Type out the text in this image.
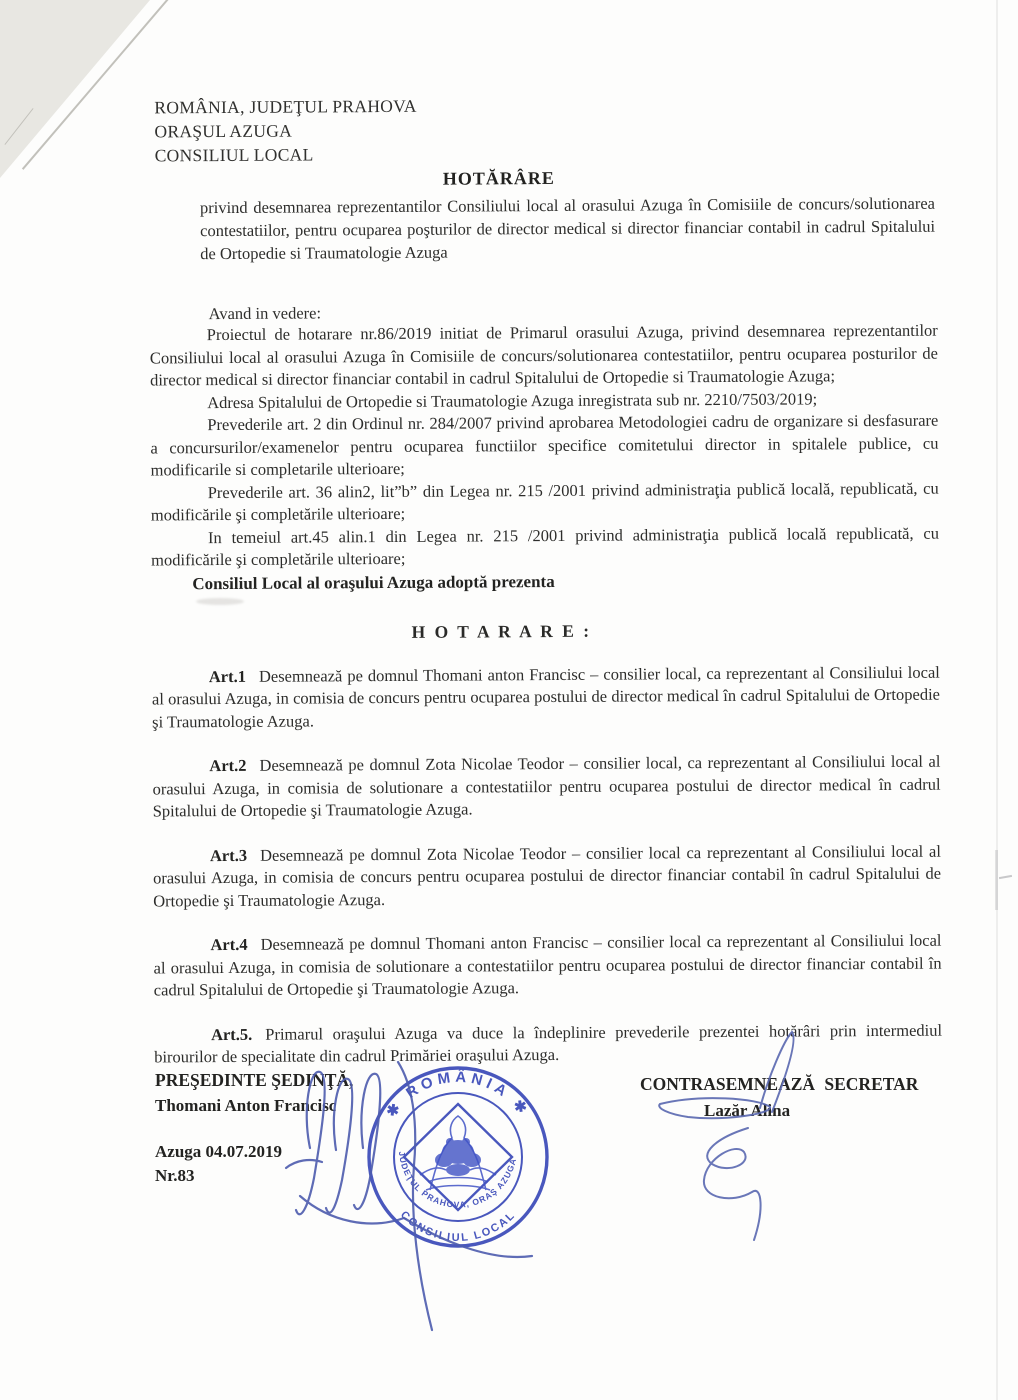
ROMÂNIA, JUDEŢUL PRAHOVA
ORAŞUL AZUGA
CONSILIUL LOCAL
HOTĂRÂRE

privind desemnarea reprezentantilor Consiliului local al orasului Azuga în Comisiile de concurs/solutionarea contestatiilor, pentru ocuparea poşturilor de director medical si director financiar contabil in cadrul Spitalului de Ortopedie si Traumatologie Azuga

Avand in vedere:

Proiectul de hotarare nr.86/2019 initiat de Primarul orasului Azuga, privind desemnarea reprezentantilor Consiliului local al orasului Azuga în Comisiile de concurs/solutionarea contestatiilor, pentru ocuparea posturilor de director medical si director financiar contabil in cadrul Spitalului de Ortopedie si Traumatologie Azuga;

Adresa Spitalului de Ortopedie si Traumatologie Azuga inregistrata sub nr. 2210/7503/2019;

Prevederile art. 2 din Ordinul nr. 284/2007 privind aprobarea Metodologiei cadru de organizare si desfasurare a concursurilor/examenelor pentru ocuparea functiilor specifice comitetului director in spitalele publice, cu modificarile si completarile ulterioare;

Prevederile art. 36 alin2, lit”b” din Legea nr. 215 /2001 privind administraţia publică locală, republicată, cu modificările şi completările ulterioare;

In temeiul art.45 alin.1 din Legea nr. 215 /2001 privind administraţia publică locală republicată, cu modificările şi completările ulterioare;

Consiliul Local al oraşului Azuga adoptă prezenta

H O T A R A R E :

Art.1 Desemnează pe domnul Thomani anton Francisc – consilier local, ca reprezentant al Consiliului local al orasului Azuga, in comisia de concurs pentru ocuparea postului de director medical în cadrul Spitalului de Ortopedie şi Traumatologie Azuga.

Art.2 Desemnează pe domnul Zota Nicolae Teodor – consilier local, ca reprezentant al Consiliului local al orasului Azuga, in comisia de solutionare a contestatiilor pentru ocuparea postului de director medical în cadrul Spitalului de Ortopedie şi Traumatologie Azuga.

Art.3 Desemnează pe domnul Zota Nicolae Teodor – consilier local ca reprezentant al Consiliului local al orasului Azuga, in comisia de concurs pentru ocuparea postului de director financiar contabil în cadrul Spitalului de Ortopedie şi Traumatologie Azuga.

Art.4 Desemnează pe domnul Thomani anton Francisc – consilier local ca reprezentant al Consiliului local al orasului Azuga, in comisia de solutionare a contestatiilor pentru ocuparea postului de director financiar contabil în cadrul Spitalului de Ortopedie şi Traumatologie Azuga.

Art.5. Primarul oraşului Azuga va duce la îndeplinire prevederile prezentei hotărâri prin intermediul birourilor de specialitate din cadrul Primăriei oraşului Azuga.

PREŞEDINTE ŞEDINŢĂ,
Thomani Anton Francisc
Azuga 04.07.2019
Nr.83
CONTRASEMNEAZĂ SECRETAR
Lazăr Alina
✱ ROMÂNIA ✱
CONSILIUL LOCAL
JUDEŢUL PRAHOVA, ORAŞ AZUGA
